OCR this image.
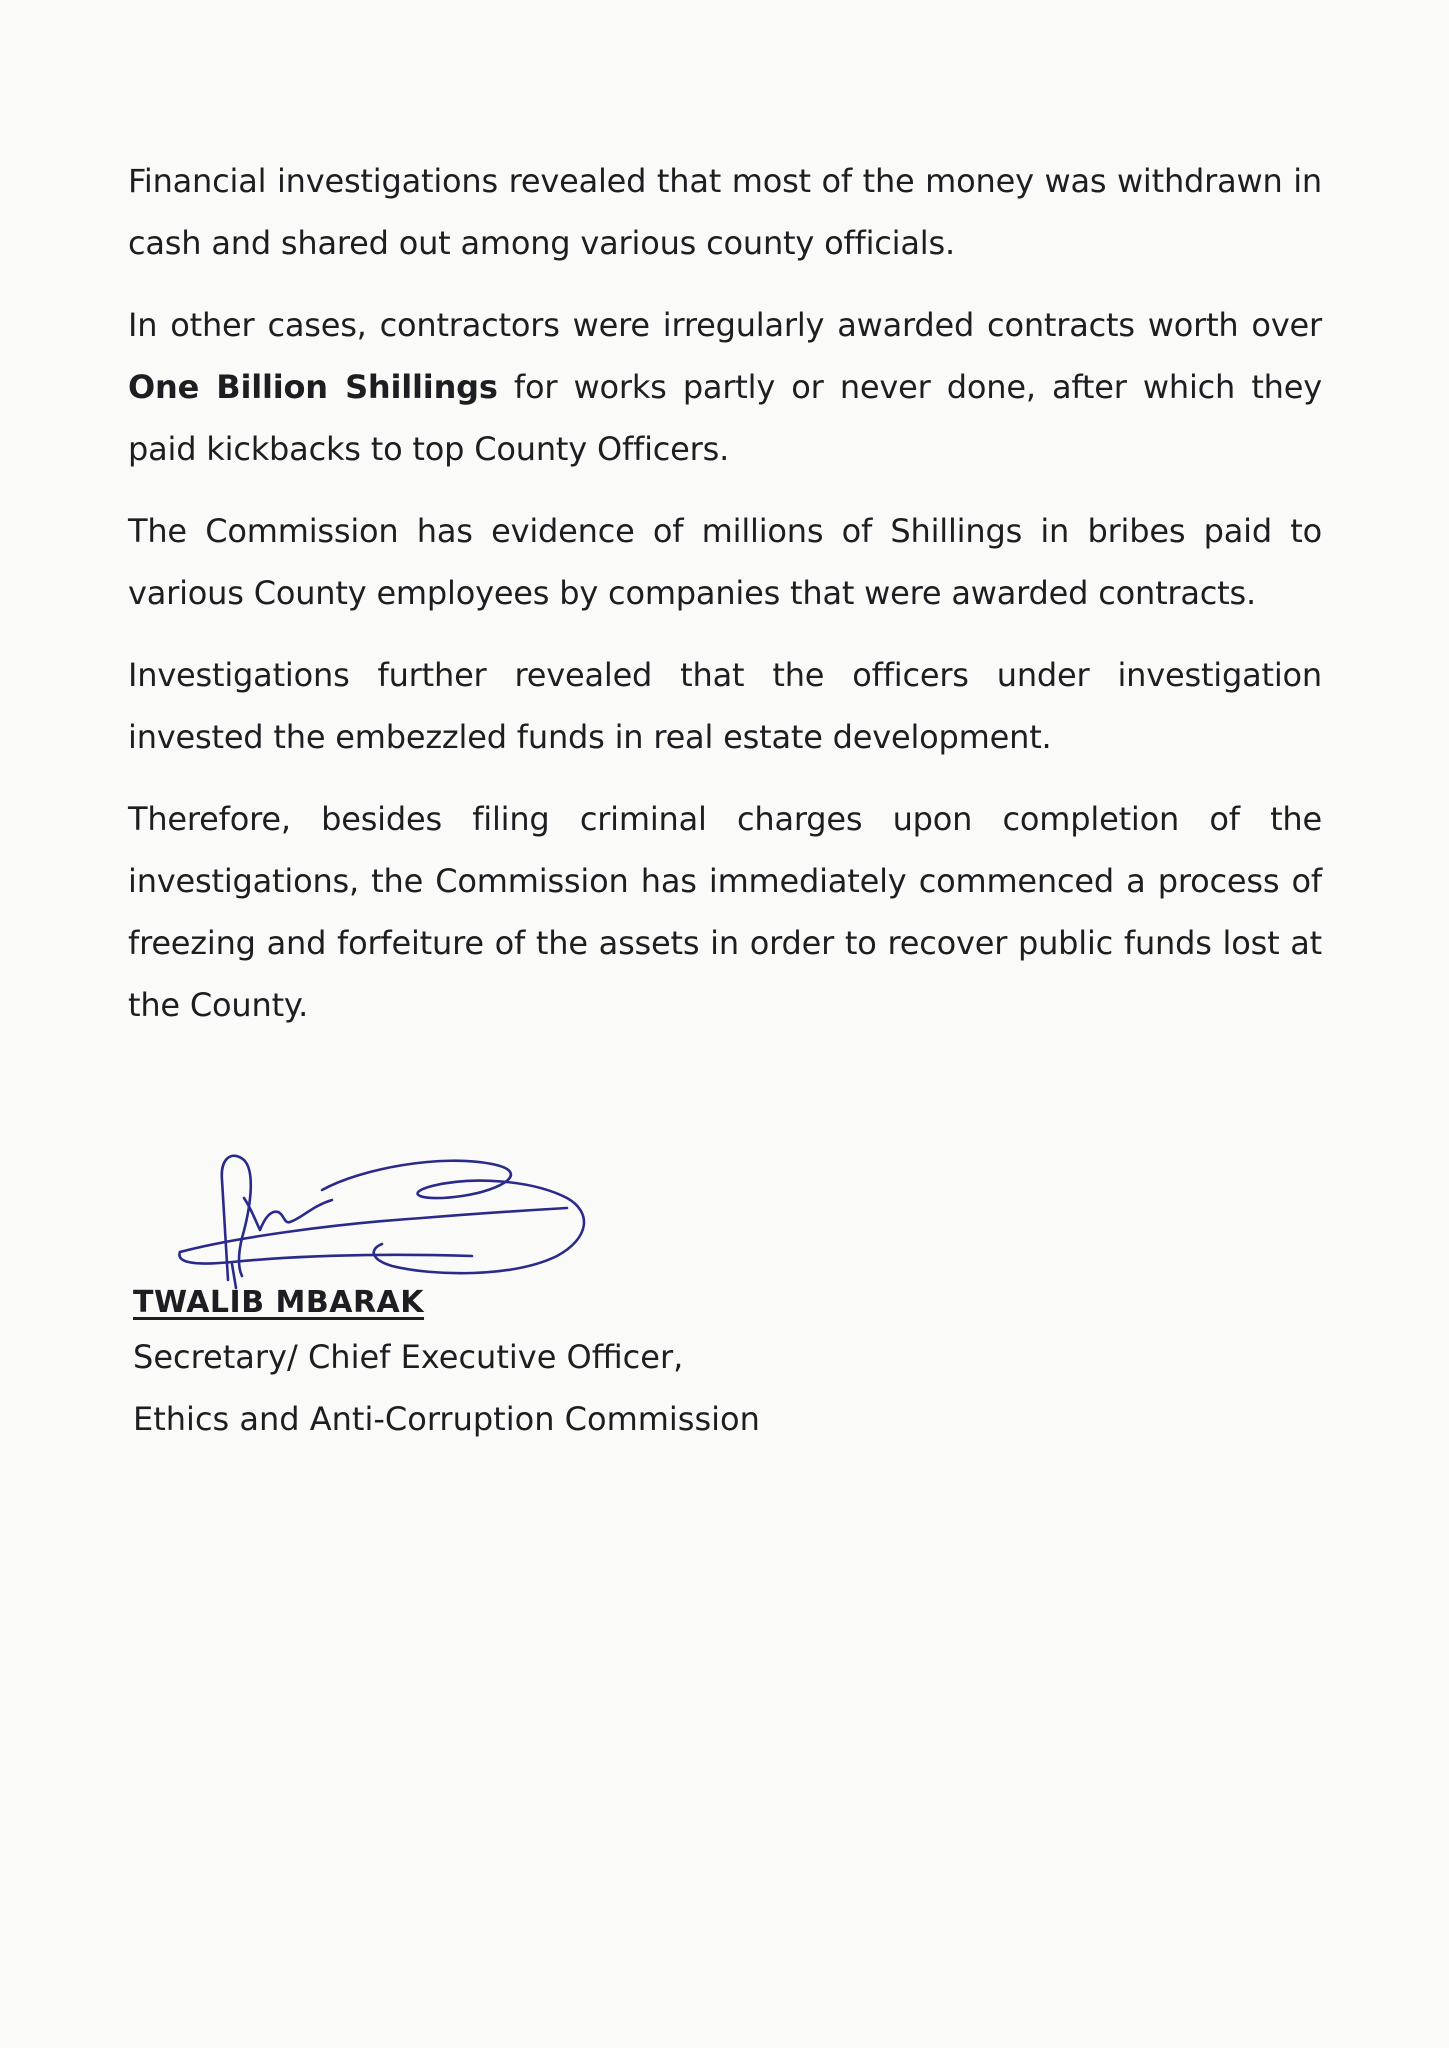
Financial investigations revealed that most of the money was withdrawn in cash and shared out among various county officials.

In other cases, contractors were irregularly awarded contracts worth over One Billion Shillings for works partly or never done, after which they paid kickbacks to top County Officers.

The Commission has evidence of millions of Shillings in bribes paid to various County employees by companies that were awarded contracts.

Investigations further revealed that the officers under investigation invested the embezzled funds in real estate development.

Therefore, besides filing criminal charges upon completion of the investigations, the Commission has immediately commenced a process of freezing and forfeiture of the assets in order to recover public funds lost at the County.

TWALIB MBARAK

Secretary/ Chief Executive Officer,

Ethics and Anti-Corruption Commission
